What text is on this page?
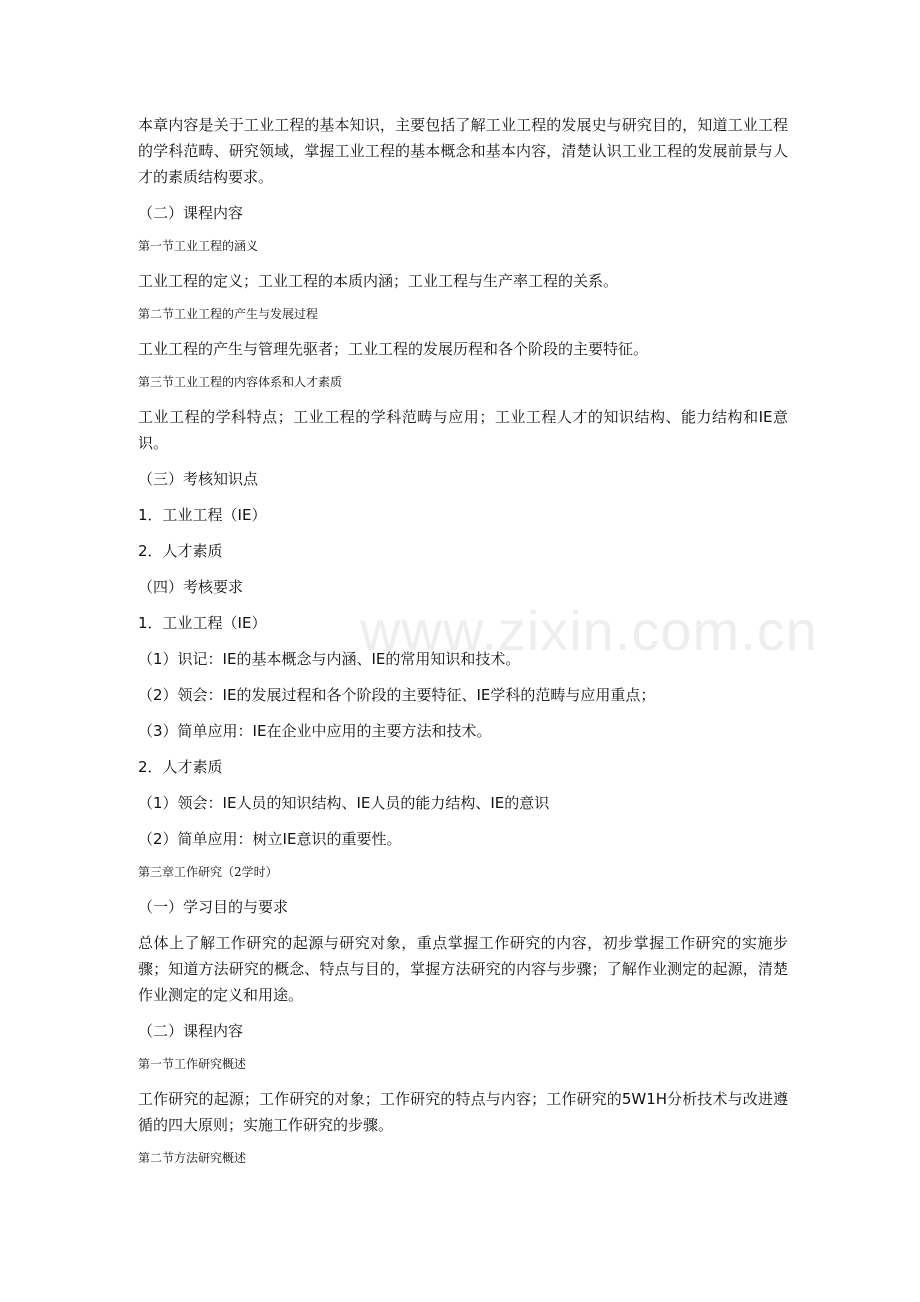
本章内容是关于工业工程的基本知识，主要包括了解工业工程的发展史与研究目的，知道工业工程的学科范畴、研究领域，掌握工业工程的基本概念和基本内容，清楚认识工业工程的发展前景与人才的素质结构要求。

（二）课程内容

第一节工业工程的涵义

工业工程的定义；工业工程的本质内涵；工业工程与生产率工程的关系。

第二节工业工程的产生与发展过程

工业工程的产生与管理先驱者；工业工程的发展历程和各个阶段的主要特征。

第三节工业工程的内容体系和人才素质

工业工程的学科特点；工业工程的学科范畴与应用；工业工程人才的知识结构、能力结构和IE意识。

（三）考核知识点

1．工业工程（IE）

2．人才素质

（四）考核要求

1．工业工程（IE）

（1）识记：IE的基本概念与内涵、IE的常用知识和技术。

（2）领会：IE的发展过程和各个阶段的主要特征、IE学科的范畴与应用重点；

（3）简单应用：IE在企业中应用的主要方法和技术。

2．人才素质

（1）领会：IE人员的知识结构、IE人员的能力结构、IE的意识

（2）简单应用：树立IE意识的重要性。

第三章工作研究（2学时）

（一）学习目的与要求

总体上了解工作研究的起源与研究对象，重点掌握工作研究的内容，初步掌握工作研究的实施步骤；知道方法研究的概念、特点与目的，掌握方法研究的内容与步骤；了解作业测定的起源，清楚作业测定的定义和用途。

（二）课程内容

第一节工作研究概述

工作研究的起源；工作研究的对象；工作研究的特点与内容；工作研究的5W1H分析技术与改进遵循的四大原则；实施工作研究的步骤。

第二节方法研究概述

www.zixin.com.cn
